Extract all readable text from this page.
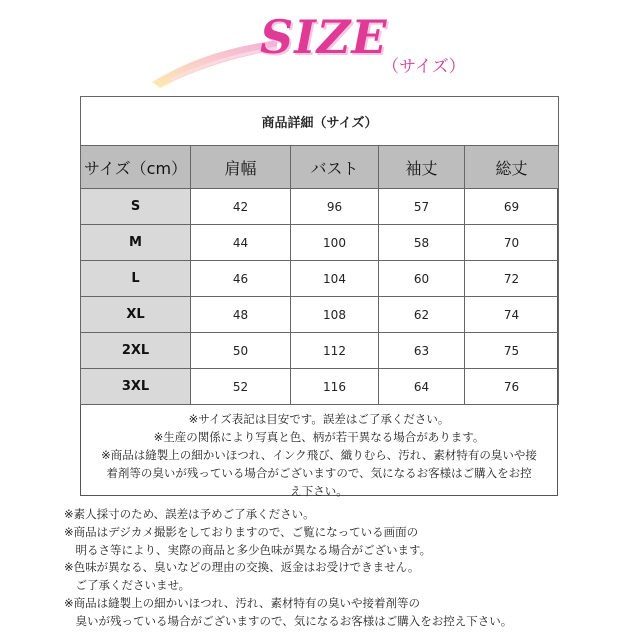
SIZE
（サイズ）
商品詳細（サイズ）				
サイズ（cm）	肩幅	バスト	袖丈	総丈
S	42	96	57	69
M	44	100	58	70
L	46	104	60	72
XL	48	108	62	74
2XL	50	112	63	75
3XL	52	116	64	76
※サイズ表記は目安です。誤差はご了承ください。
※生産の関係により写真と色、柄が若干異なる場合があります。
※商品は縫製上の細かいほつれ、インク飛び、織りむら、汚れ、素材特有の臭いや接
着剤等の臭いが残っている場合がございますので、気になるお客様はご購入をお控
え下さい。
※素人採寸のため、誤差は予めご了承ください。
※商品はデジカメ撮影をしておりますので、ご覧になっている画面の
　明るさ等により、実際の商品と多少色味が異なる場合がございます。
※色味が異なる、臭いなどの理由の交換、返金はお受けできません。
　ご了承くださいませ。
※商品は縫製上の細かいほつれ、汚れ、素材特有の臭いや接着剤等の
　臭いが残っている場合がございますので、気になるお客様はご購入をお控え下さい。
